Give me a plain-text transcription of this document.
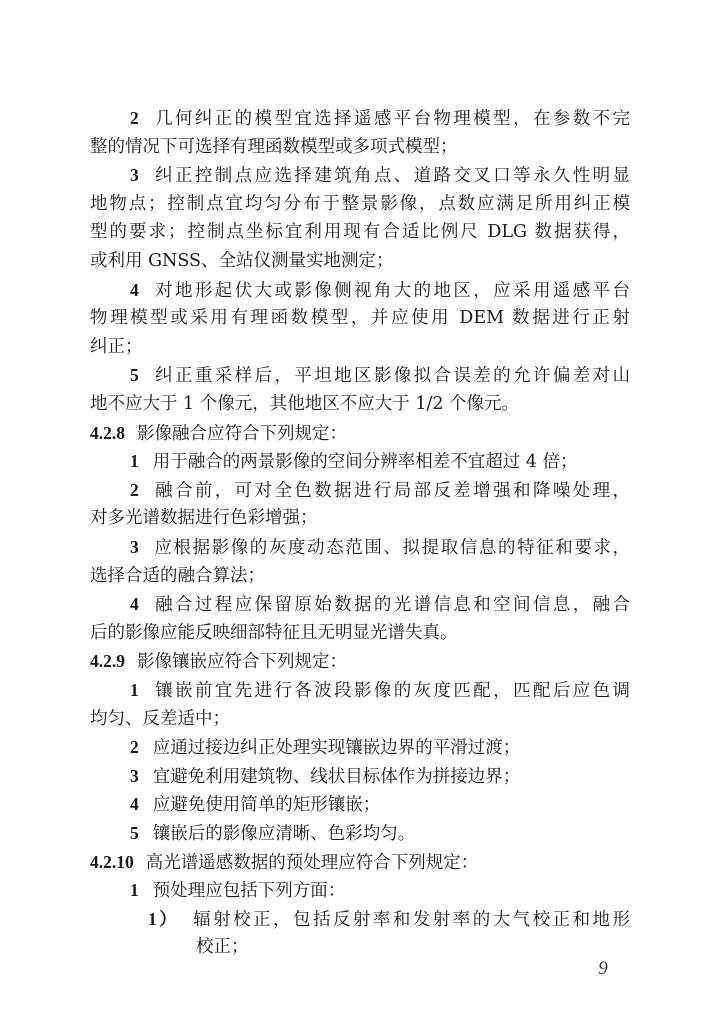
9
2 几何纠正的模型宜选择遥感平台物理模型，在参数不完
整的情况下可选择有理函数模型或多项式模型；
3 纠正控制点应选择建筑角点、道路交叉口等永久性明显
地物点；控制点宜均匀分布于整景影像，点数应满足所用纠正模
型的要求；控制点坐标宜利用现有合适比例尺 DLG 数据获得，
或利用 GNSS、全站仪测量实地测定；
4 对地形起伏大或影像侧视角大的地区，应采用遥感平台
物理模型或采用有理函数模型，并应使用 DEM 数据进行正射
纠正；
5 纠正重采样后，平坦地区影像拟合误差的允许偏差对山
地不应大于 1 个像元，其他地区不应大于 1/2 个像元。
4.2.8 影像融合应符合下列规定：
1 用于融合的两景影像的空间分辨率相差不宜超过 4 倍；
2 融合前，可对全色数据进行局部反差增强和降噪处理，
对多光谱数据进行色彩增强；
3 应根据影像的灰度动态范围、拟提取信息的特征和要求，
选择合适的融合算法；
4 融合过程应保留原始数据的光谱信息和空间信息，融合
后的影像应能反映细部特征且无明显光谱失真。
4.2.9 影像镶嵌应符合下列规定：
1 镶嵌前宜先进行各波段影像的灰度匹配，匹配后应色调
均匀、反差适中；
2 应通过接边纠正处理实现镶嵌边界的平滑过渡；
3 宜避免利用建筑物、线状目标体作为拼接边界；
4 应避免使用简单的矩形镶嵌；
5 镶嵌后的影像应清晰、色彩均匀。
4.2.10 高光谱遥感数据的预处理应符合下列规定：
1 预处理应包括下列方面：
1） 辐射校正，包括反射率和发射率的大气校正和地形
校正；
